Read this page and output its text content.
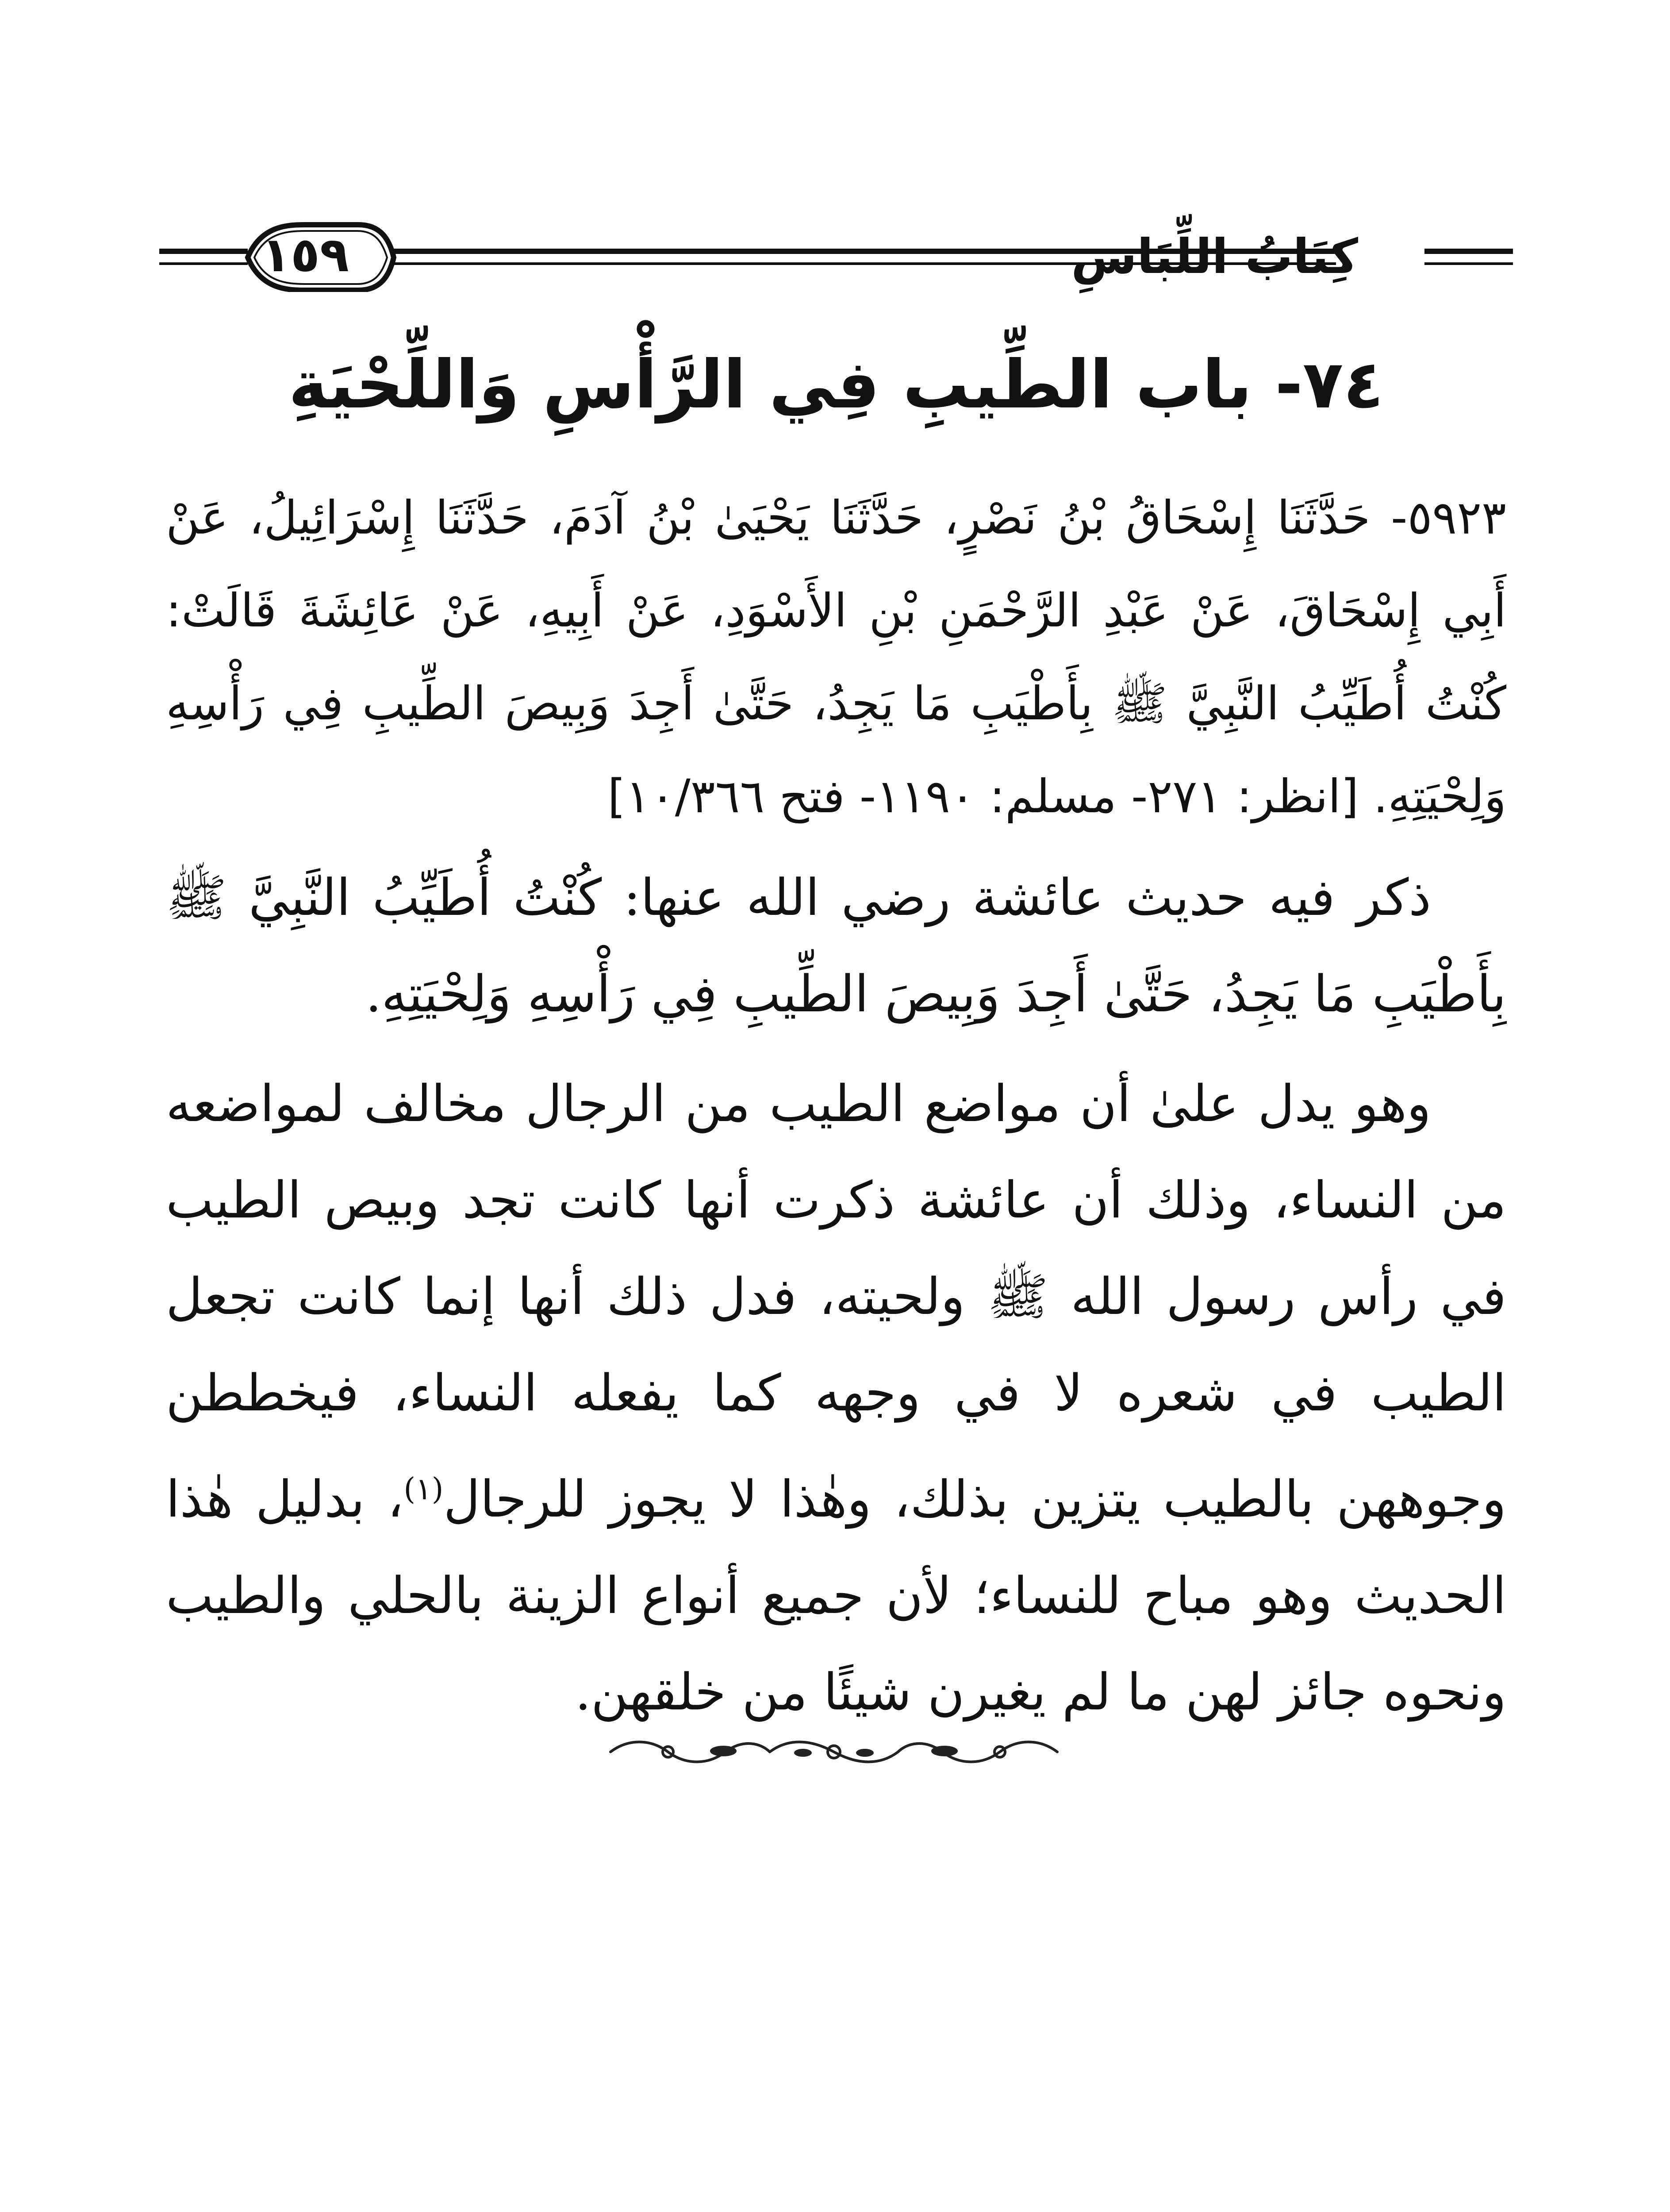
كِتَابُ اللِّبَاسِ
١٥٩
٧٤- باب الطِّيبِ فِي الرَّأْسِ وَاللِّحْيَةِ
٥٩٢٣- حَدَّثَنَا إِسْحَاقُ بْنُ نَصْرٍ، حَدَّثَنَا يَحْيَىٰ بْنُ آدَمَ، حَدَّثَنَا إِسْرَائِيلُ، عَنْ أَبِي إِسْحَاقَ، عَنْ عَبْدِ الرَّحْمَنِ بْنِ الأَسْوَدِ، عَنْ أَبِيهِ، عَنْ عَائِشَةَ قَالَتْ: كُنْتُ أُطَيِّبُ النَّبِيَّ ﷺ بِأَطْيَبِ مَا يَجِدُ، حَتَّىٰ أَجِدَ وَبِيصَ الطِّيبِ فِي رَأْسِهِ وَلِحْيَتِهِ. [انظر: ٢٧١- مسلم: ١١٩٠- فتح ١٠/٣٦٦]

ذكر فيه حديث عائشة رضي الله عنها: كُنْتُ أُطَيِّبُ النَّبِيَّ ﷺ بِأَطْيَبِ مَا يَجِدُ، حَتَّىٰ أَجِدَ وَبِيصَ الطِّيبِ فِي رَأْسِهِ وَلِحْيَتِهِ.

وهو يدل علىٰ أن مواضع الطيب من الرجال مخالف لمواضعه من النساء، وذلك أن عائشة ذكرت أنها كانت تجد وبيص الطيب في رأس رسول الله ﷺ ولحيته، فدل ذلك أنها إنما كانت تجعل الطيب في شعره لا في وجهه كما يفعله النساء، فيخططن وجوههن بالطيب يتزين بذلك، وهٰذا لا يجوز للرجال$^{(١)}$، بدليل هٰذا الحديث وهو مباح للنساء؛ لأن جميع أنواع الزينة بالحلي والطيب ونحوه جائز لهن ما لم يغيرن شيئًا من خلقهن.
